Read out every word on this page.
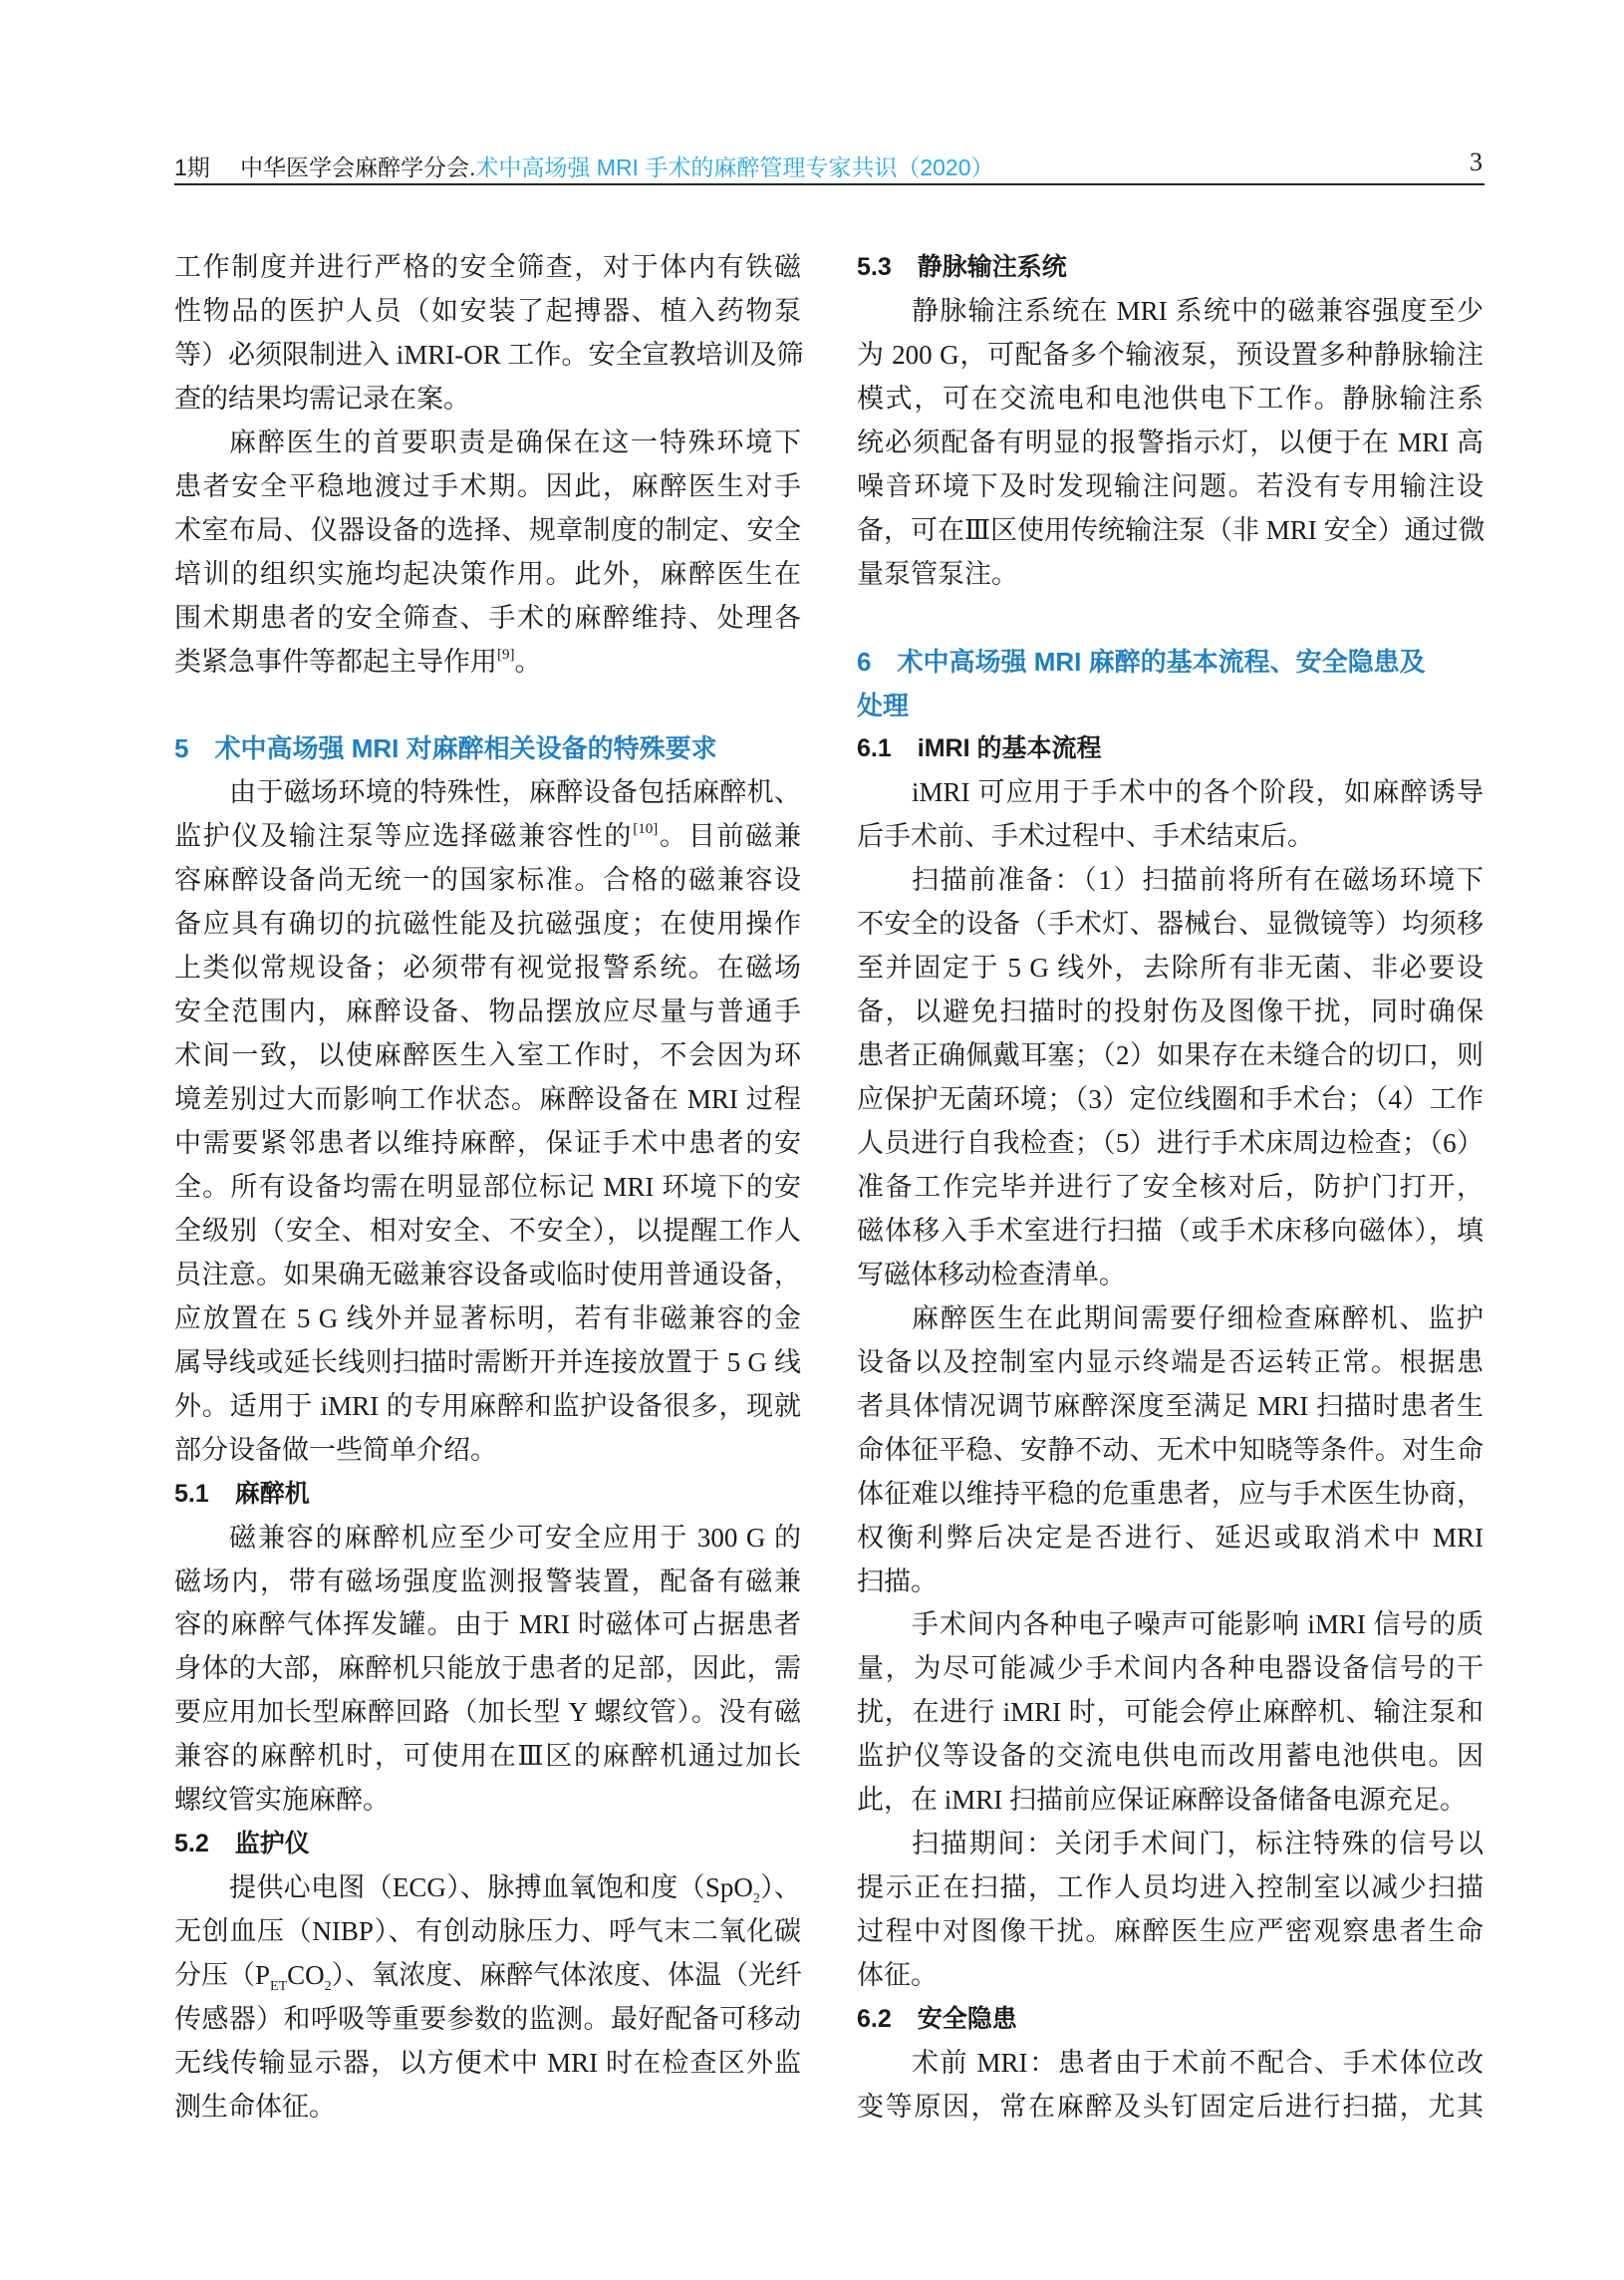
1期 中华医学会麻醉学分会.术中高场强 MRI 手术的麻醉管理专家共识（2020）	3
工作制度并进行严格的安全筛查，对于体内有铁磁
性物品的医护人员（如安装了起搏器、植入药物泵
等）必须限制进入 iMRI-OR 工作。安全宣教培训及筛
查的结果均需记录在案。
麻醉医生的首要职责是确保在这一特殊环境下
患者安全平稳地渡过手术期。因此，麻醉医生对手
术室布局、仪器设备的选择、规章制度的制定、安全
培训的组织实施均起决策作用。此外，麻醉医生在
围术期患者的安全筛查、手术的麻醉维持、处理各
类紧急事件等都起主导作用[9]。
5 术中高场强 MRI 对麻醉相关设备的特殊要求
由于磁场环境的特殊性，麻醉设备包括麻醉机、
监护仪及输注泵等应选择磁兼容性的[10]。目前磁兼
容麻醉设备尚无统一的国家标准。合格的磁兼容设
备应具有确切的抗磁性能及抗磁强度；在使用操作
上类似常规设备；必须带有视觉报警系统。在磁场
安全范围内，麻醉设备、物品摆放应尽量与普通手
术间一致，以使麻醉医生入室工作时，不会因为环
境差别过大而影响工作状态。麻醉设备在 MRI 过程
中需要紧邻患者以维持麻醉，保证手术中患者的安
全。所有设备均需在明显部位标记 MRI 环境下的安
全级别（安全、相对安全、不安全），以提醒工作人
员注意。如果确无磁兼容设备或临时使用普通设备，
应放置在 5 G 线外并显著标明，若有非磁兼容的金
属导线或延长线则扫描时需断开并连接放置于 5 G 线
外。适用于 iMRI 的专用麻醉和监护设备很多，现就
部分设备做一些简单介绍。
5.1 麻醉机
磁兼容的麻醉机应至少可安全应用于 300 G 的
磁场内，带有磁场强度监测报警装置，配备有磁兼
容的麻醉气体挥发罐。由于 MRI 时磁体可占据患者
身体的大部，麻醉机只能放于患者的足部，因此，需
要应用加长型麻醉回路（加长型 Y 螺纹管）。没有磁
兼容的麻醉机时，可使用在Ⅲ区的麻醉机通过加长
螺纹管实施麻醉。
5.2 监护仪
提供心电图（ECG）、脉搏血氧饱和度（SpO$_2$）、
无创血压（NIBP）、有创动脉压力、呼气末二氧化碳
分压$(P_{ET}CO_2)$、氧浓度、麻醉气体浓度、体温（光纤
传感器）和呼吸等重要参数的监测。最好配备可移动
无线传输显示器，以方便术中 MRI 时在检查区外监
测生命体征。
5.3 静脉输注系统
静脉输注系统在 MRI 系统中的磁兼容强度至少
为 200 G，可配备多个输液泵，预设置多种静脉输注
模式，可在交流电和电池供电下工作。静脉输注系
统必须配备有明显的报警指示灯，以便于在 MRI 高
噪音环境下及时发现输注问题。若没有专用输注设
备，可在Ⅲ区使用传统输注泵（非 MRI 安全）通过微
量泵管泵注。
6 术中高场强 MRI 麻醉的基本流程、安全隐患及
处理
6.1 iMRI 的基本流程
iMRI 可应用于手术中的各个阶段，如麻醉诱导
后手术前、手术过程中、手术结束后。
扫描前准备：（1）扫描前将所有在磁场环境下
不安全的设备（手术灯、器械台、显微镜等）均须移
至并固定于 5 G 线外，去除所有非无菌、非必要设
备，以避免扫描时的投射伤及图像干扰，同时确保
患者正确佩戴耳塞；（2）如果存在未缝合的切口，则
应保护无菌环境；（3）定位线圈和手术台；（4）工作
人员进行自我检查；（5）进行手术床周边检查；（6）
准备工作完毕并进行了安全核对后，防护门打开，
磁体移入手术室进行扫描（或手术床移向磁体），填
写磁体移动检查清单。
麻醉医生在此期间需要仔细检查麻醉机、监护
设备以及控制室内显示终端是否运转正常。根据患
者具体情况调节麻醉深度至满足 MRI 扫描时患者生
命体征平稳、安静不动、无术中知晓等条件。对生命
体征难以维持平稳的危重患者，应与手术医生协商，
权衡利弊后决定是否进行、延迟或取消术中 MRI
扫描。
手术间内各种电子噪声可能影响 iMRI 信号的质
量，为尽可能减少手术间内各种电器设备信号的干
扰，在进行 iMRI 时，可能会停止麻醉机、输注泵和
监护仪等设备的交流电供电而改用蓄电池供电。因
此，在 iMRI 扫描前应保证麻醉设备储备电源充足。
扫描期间：关闭手术间门，标注特殊的信号以
提示正在扫描，工作人员均进入控制室以减少扫描
过程中对图像干扰。麻醉医生应严密观察患者生命
体征。
6.2 安全隐患
术前 MRI：患者由于术前不配合、手术体位改
变等原因，常在麻醉及头钉固定后进行扫描，尤其
